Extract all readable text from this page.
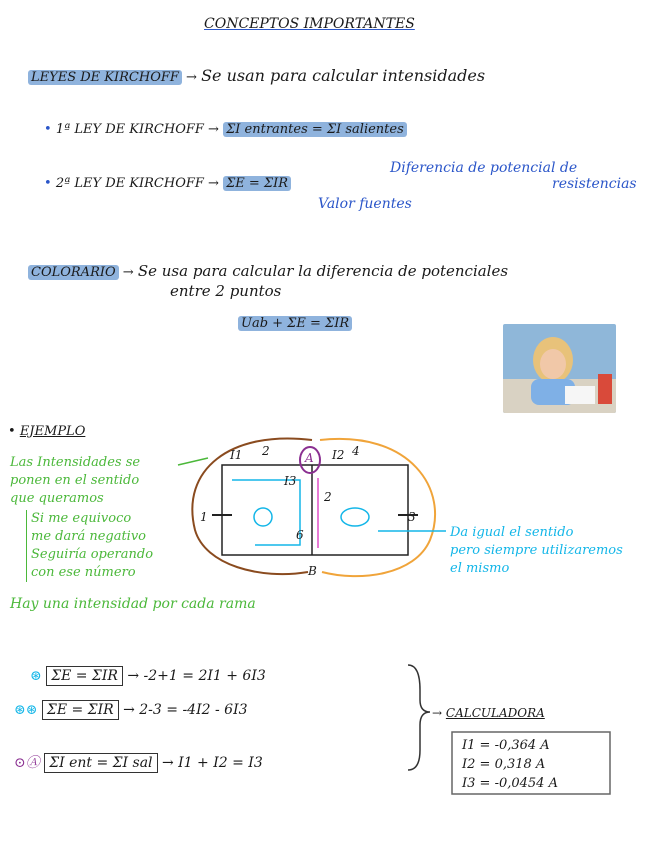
CONCEPTOS IMPORTANTES
LEYES DE KIRCHOFF → Se usan para calcular intensidades
• 1ª LEY DE KIRCHOFF → ΣI entrantes = ΣI salientes
• 2ª LEY DE KIRCHOFF → ΣE = ΣIR
Diferencia de potencial de
resistencias
Valor fuentes
COLORARIO → Se usa para calcular la diferencia de potenciales
entre 2 puntos
Uab + ΣE = ΣIR
• EJEMPLO
Las Intensidades se
ponen en el sentido
que queramos
Si me equivoco
me dará negativo
Seguiría operando
con ese número
Hay una intensidad por cada rama
Da igual el sentido
pero siempre utilizaremos
el mismo
I1 2	A I2 4
I3
2
6
1	3
B
⊛ ΣE = ΣIR → -2+1 = 2I1 + 6I3
⊛⊛ ΣE = ΣIR → 2-3 = -4I2 - 6I3
⊙Ⓐ ΣI ent = ΣI sal → I1 + I2 = I3
→ CALCULADORA
I1 = -0,364 A
I2 = 0,318 A
I3 = -0,0454 A
